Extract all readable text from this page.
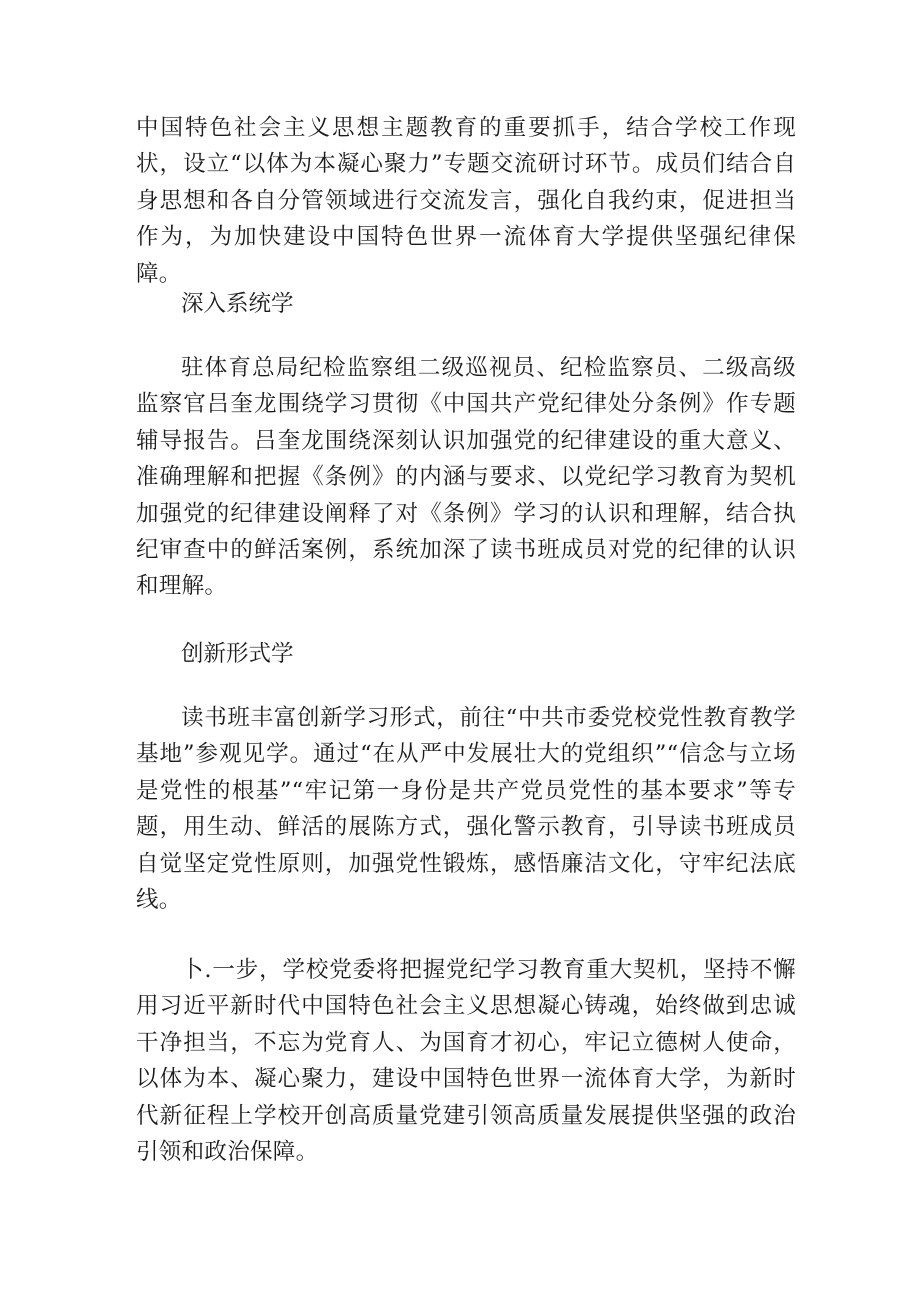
中国特色社会主义思想主题教育的重要抓手，结合学校工作现状，设立“以体为本凝心聚力”专题交流研讨环节。成员们结合自身思想和各自分管领域进行交流发言，强化自我约束，促进担当作为，为加快建设中国特色世界一流体育大学提供坚强纪律保障。

深入系统学

驻体育总局纪检监察组二级巡视员、纪检监察员、二级高级监察官吕奎龙围绕学习贯彻《中国共产党纪律处分条例》作专题辅导报告。吕奎龙围绕深刻认识加强党的纪律建设的重大意义、准确理解和把握《条例》的内涵与要求、以党纪学习教育为契机加强党的纪律建设阐释了对《条例》学习的认识和理解，结合执纪审查中的鲜活案例，系统加深了读书班成员对党的纪律的认识和理解。

创新形式学

读书班丰富创新学习形式，前往“中共市委党校党性教育教学基地”参观见学。通过“在从严中发展壮大的党组织”“信念与立场是党性的根基”“牢记第一身份是共产党员党性的基本要求”等专题，用生动、鲜活的展陈方式，强化警示教育，引导读书班成员自觉坚定党性原则，加强党性锻炼，感悟廉洁文化，守牢纪法底线。

卜.一步，学校党委将把握党纪学习教育重大契机，坚持不懈用习近平新时代中国特色社会主义思想凝心铸魂，始终做到忠诚干净担当，不忘为党育人、为国育才初心，牢记立德树人使命，以体为本、凝心聚力，建设中国特色世界一流体育大学，为新时代新征程上学校开创高质量党建引领高质量发展提供坚强的政治引领和政治保障。
